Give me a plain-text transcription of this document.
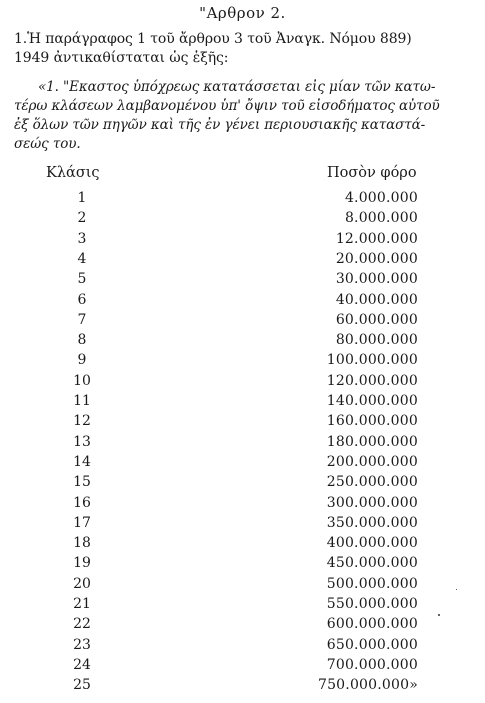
"Αρθρον 2.
1.Ἡ παράγραφος 1 τοῦ ἄρθρου 3 τοῦ Ἀναγκ. Νόμου 889)
1949 ἀντικαθίσταται ὡς ἑξῆς:
«1. "Εκαστος ὑπόχρεως κατατάσσεται εἰς μίαν τῶν κατω-
τέρω κλάσεων λαμβανομένου ὑπ' ὄψιν τοῦ εἰσοδήματος αὐτοῦ
ἐξ ὅλων τῶν πηγῶν καὶ τῆς ἐν γένει περιουσιακῆς καταστά-
σεώς του.
Κλάσις	Ποσὸν φόρο
1	4.000.000
2	8.000.000
3	12.000.000
4	20.000.000
5	30.000.000
6	40.000.000
7	60.000.000
8	80.000.000
9	100.000.000
10	120.000.000
11	140.000.000
12	160.000.000
13	180.000.000
14	200.000.000
15	250.000.000
16	300.000.000
17	350.000.000
18	400.000.000
19	450.000.000
20	500.000.000
21	550.000.000
22	600.000.000
23	650.000.000
24	700.000.000
25	750.000.000»
